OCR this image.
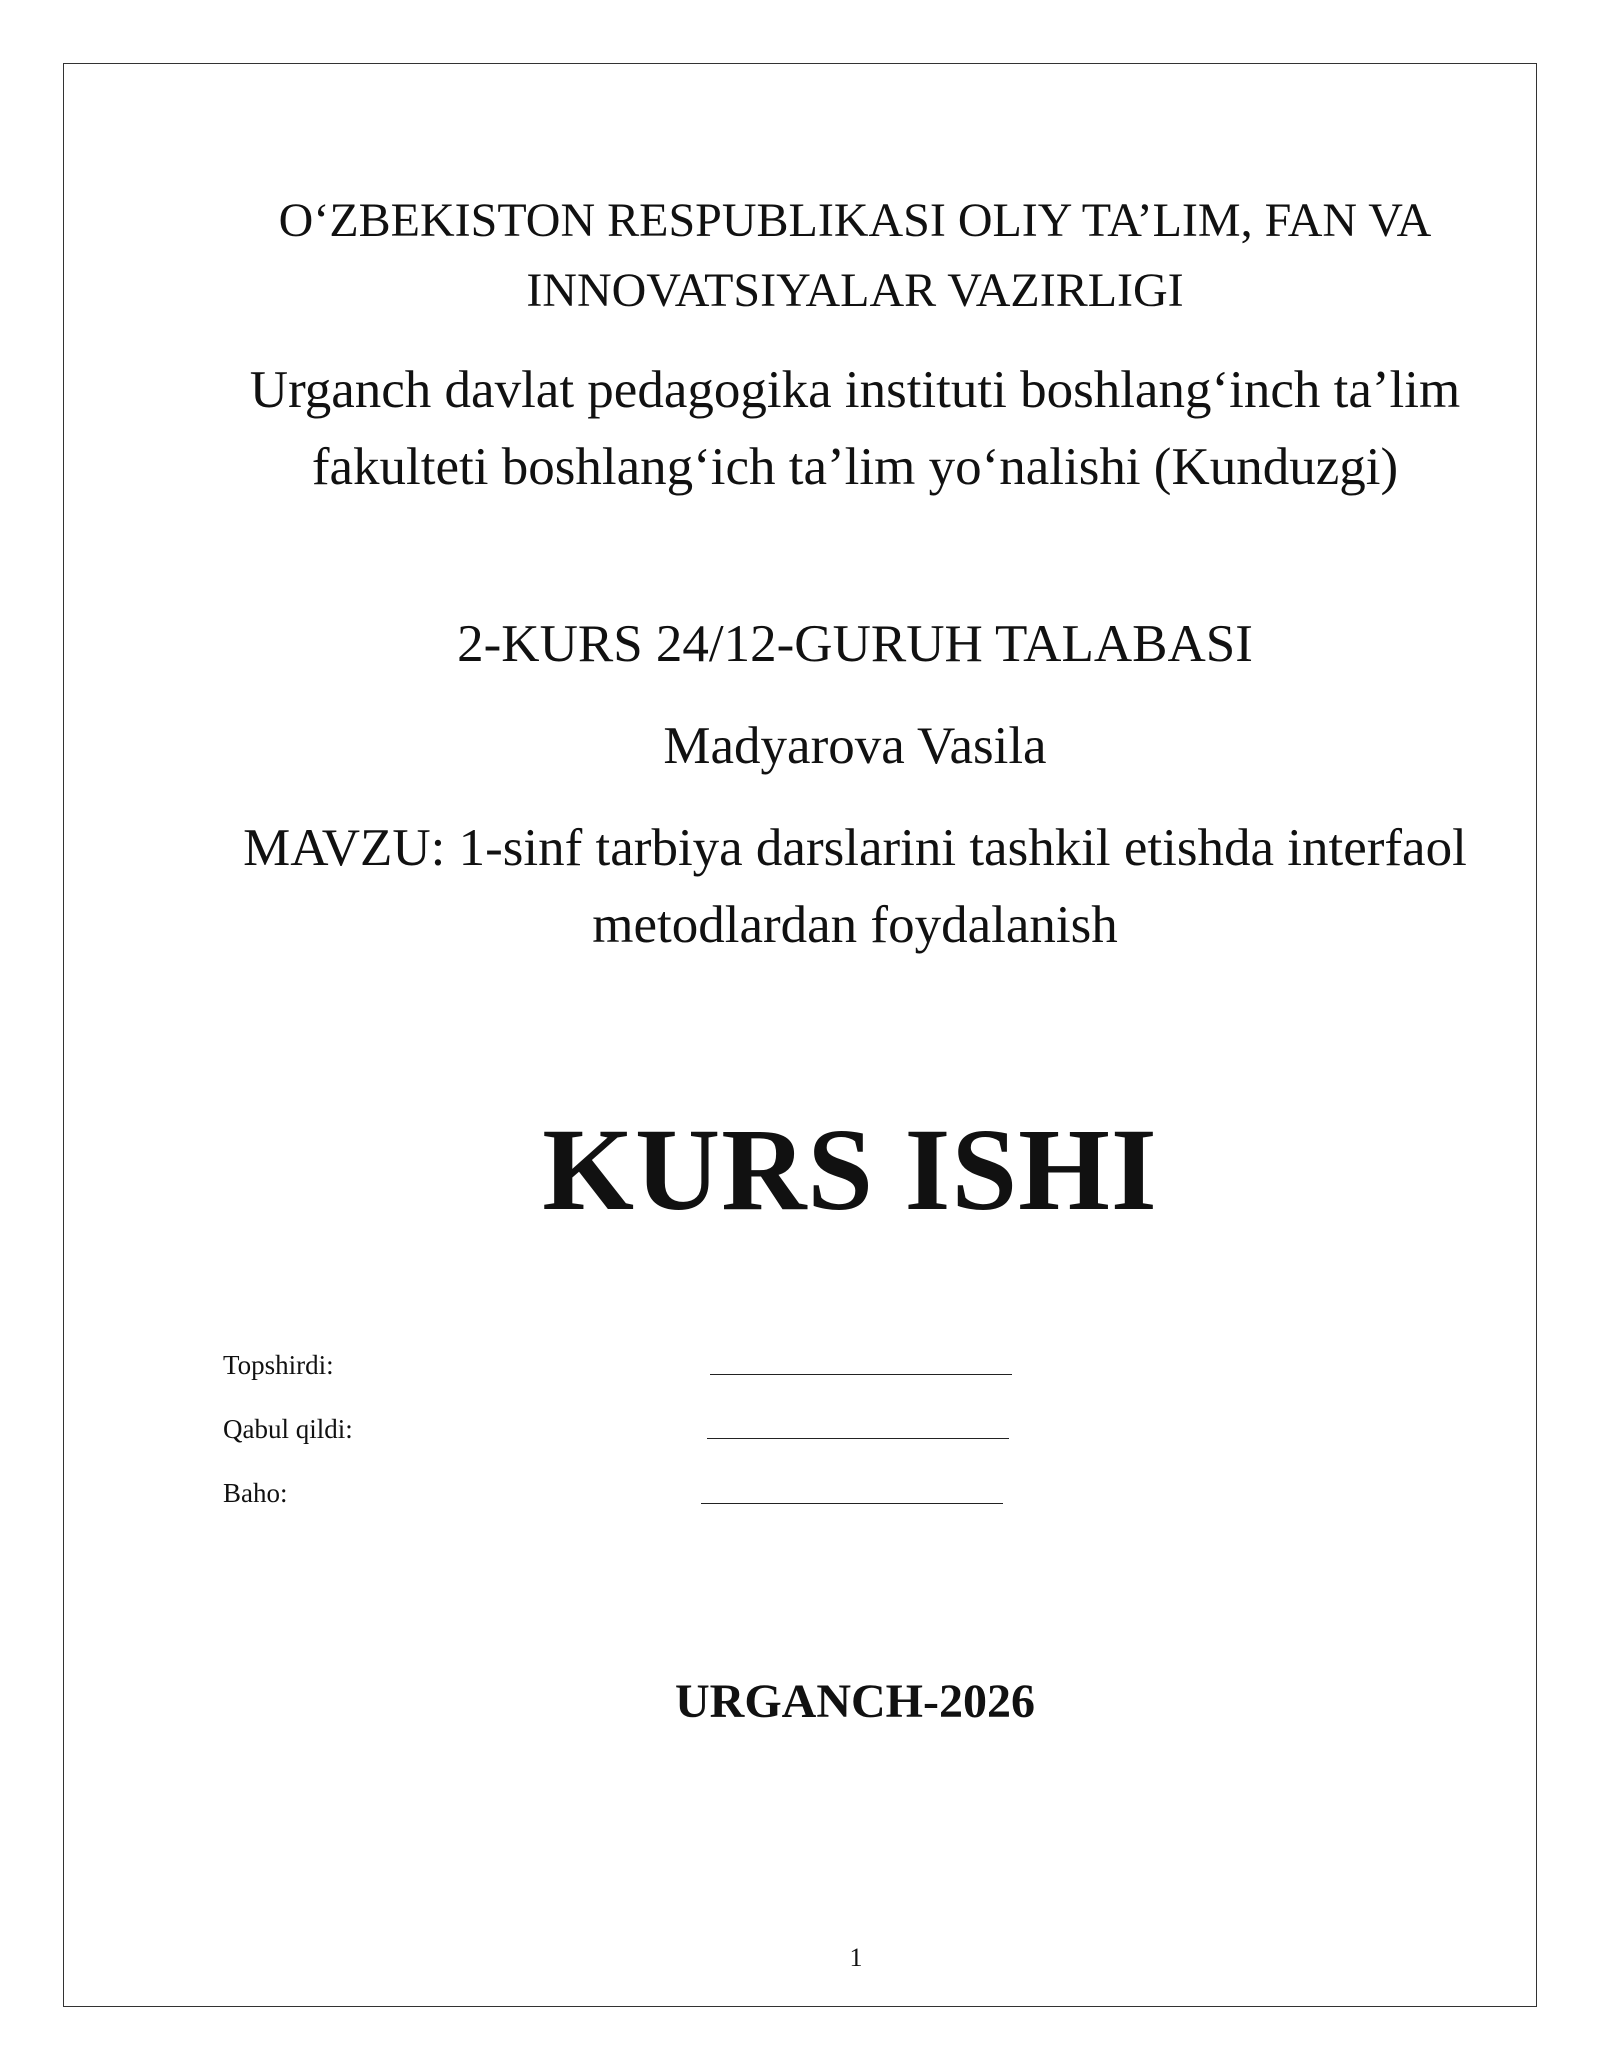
O‘ZBEKISTON RESPUBLIKASI OLIY TA’LIM, FAN VA INNOVATSIYALAR VAZIRLIGI
Urganch davlat pedagogika instituti boshlang‘inch ta’lim fakulteti boshlang‘ich ta’lim yo‘nalishi (Kunduzgi)
2-KURS 24/12-GURUH TALABASI
Madyarova Vasila
MAVZU: 1-sinf tarbiya darslarini tashkil etishda interfaol metodlardan foydalanish
KURS ISHI
Topshirdi:
Qabul qildi:
Baho:
URGANCH-2026
1
